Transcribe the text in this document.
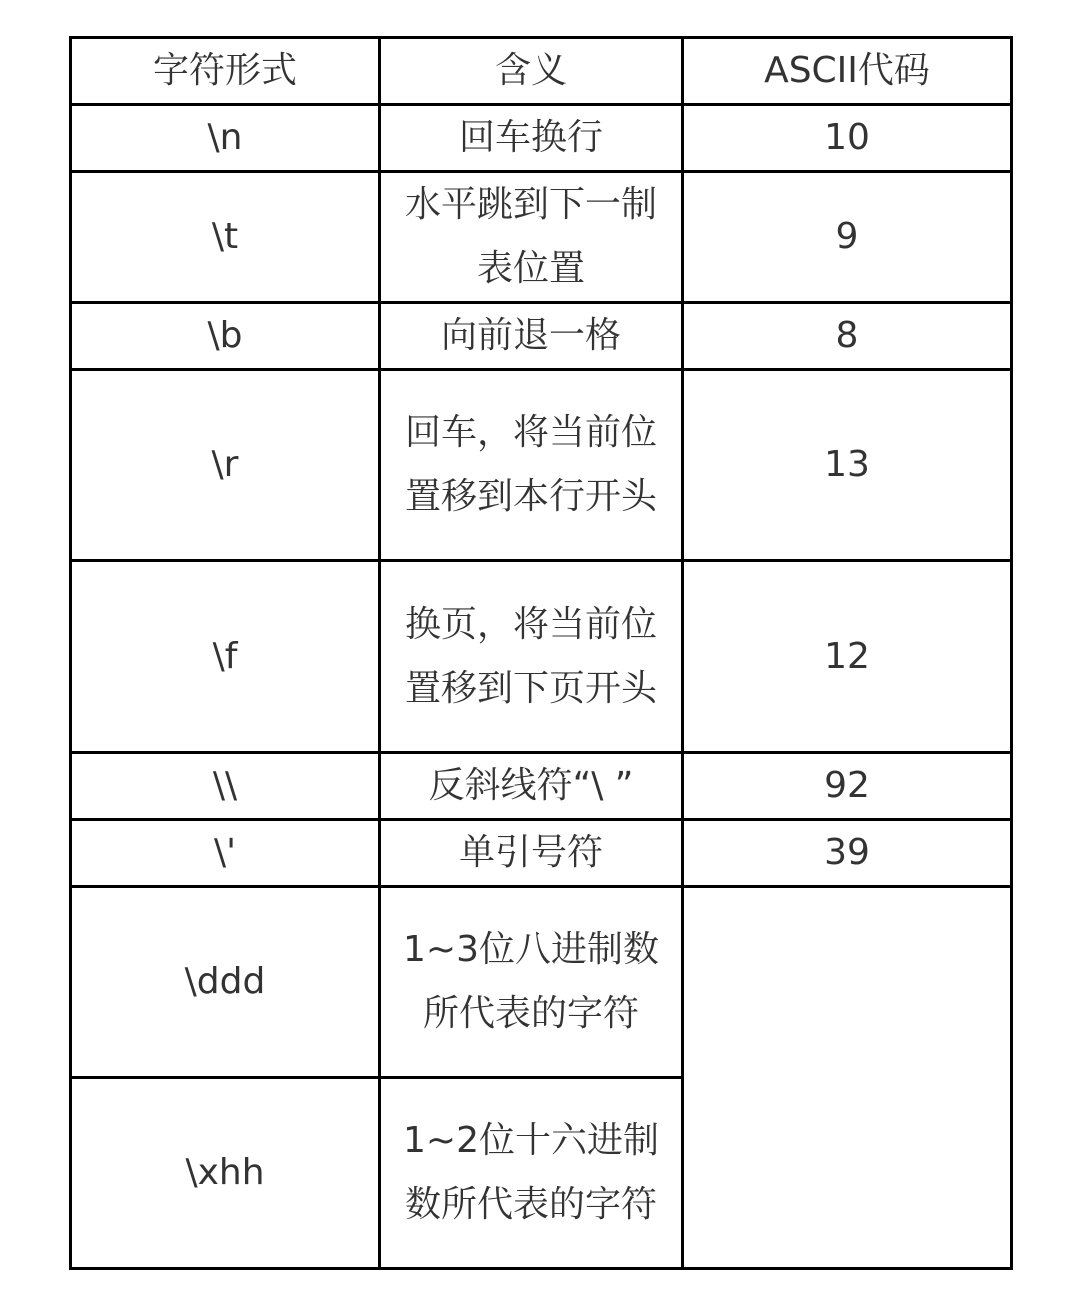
字符形式	含义	ASCII代码
\n	回车换行	10
\t	水平跳到下一制表位置	9
\b	向前退一格	8
\r	回车，将当前位置移到本行开头	13
\f	换页，将当前位置移到下页开头	12
\\	反斜线符“\ ”	92
\'	单引号符	39
\ddd	1~3位八进制数所代表的字符	
\xhh	1~2位十六进制数所代表的字符	
